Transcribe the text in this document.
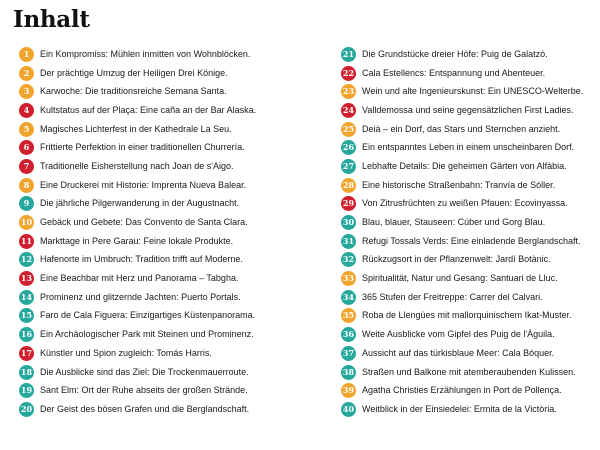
Inhalt
1	Ein Kompromiss: Mühlen inmitten von Wohnblöcken.
2	Der prächtige Umzug der Heiligen Drei Könige.
3	Karwoche: Die traditionsreiche Semana Santa.
4	Kultstatus auf der Plaça: Eine caña an der Bar Alaska.
5	Magisches Lichterfest in der Kathedrale La Seu.
6	Frittierte Perfektion in einer traditionellen Churrería.
7	Traditionelle Eisherstellung nach Joan de s'Aigo.
8	Eine Druckerei mit Historie: Imprenta Nueva Balear.
9	Die jährliche Pilgerwanderung in der Augustnacht.
10 Gebäck und Gebete: Das Convento de Santa Clara.
11 Markttage in Pere Garau: Feine lokale Produkte.
12 Hafenorte im Umbruch: Tradition trifft auf Moderne.
13 Eine Beachbar mit Herz und Panorama – Tabgha.
14 Prominenz und glitzernde Jachten: Puerto Portals.
15 Faro de Cala Figuera: Einzigartiges Küstenpanorama.
16 Ein Archäologischer Park mit Steinen und Prominenz.
17 Künstler und Spion zugleich: Tomás Harris.
18 Die Ausblicke sind das Ziel: Die Trockenmauerroute.
19 Sant Elm: Ort der Ruhe abseits der großen Strände.
20 Der Geist des bösen Grafen und die Berglandschaft.
21 Die Grundstücke dreier Höfe: Puig de Galatzó.
22 Cala Estellencs: Entspannung und Abenteuer.
23 Wein und alte Ingenieurskunst: Ein UNESCO-Welterbe.
24 Valldemossa und seine gegensätzlichen First Ladies.
25 Deià – ein Dorf, das Stars und Sternchen anzieht.
26 Ein entspanntes Leben in einem unscheinbaren Dorf.
27 Lebhafte Details: Die geheimen Gärten von Alfàbia.
28 Eine historische Straßenbahn: Tranvía de Sóller.
29 Von Zitrusfrüchten zu weißen Pfauen: Ecovinyassa.
30 Blau, blauer, Stauseen: Cúber und Gorg Blau.
31 Refugi Tossals Verds: Eine einladende Berglandschaft.
32 Rückzugsort in der Pflanzenwelt: Jardí Botànic.
33 Spiritualität, Natur und Gesang: Santuari de Lluc.
34 365 Stufen der Freitreppe: Carrer del Calvari.
35 Roba de Llengües mit mallorquinischem Ikat-Muster.
36 Weite Ausblicke vom Gipfel des Puig de l'Àguila.
37 Aussicht auf das türkisblaue Meer: Cala Bóquer.
38 Straßen und Balkone mit atemberaubenden Kulissen.
39 Agatha Christies Erzählungen in Port de Pollença.
40 Weitblick in der Einsiedelei: Ermita de la Victòria.
